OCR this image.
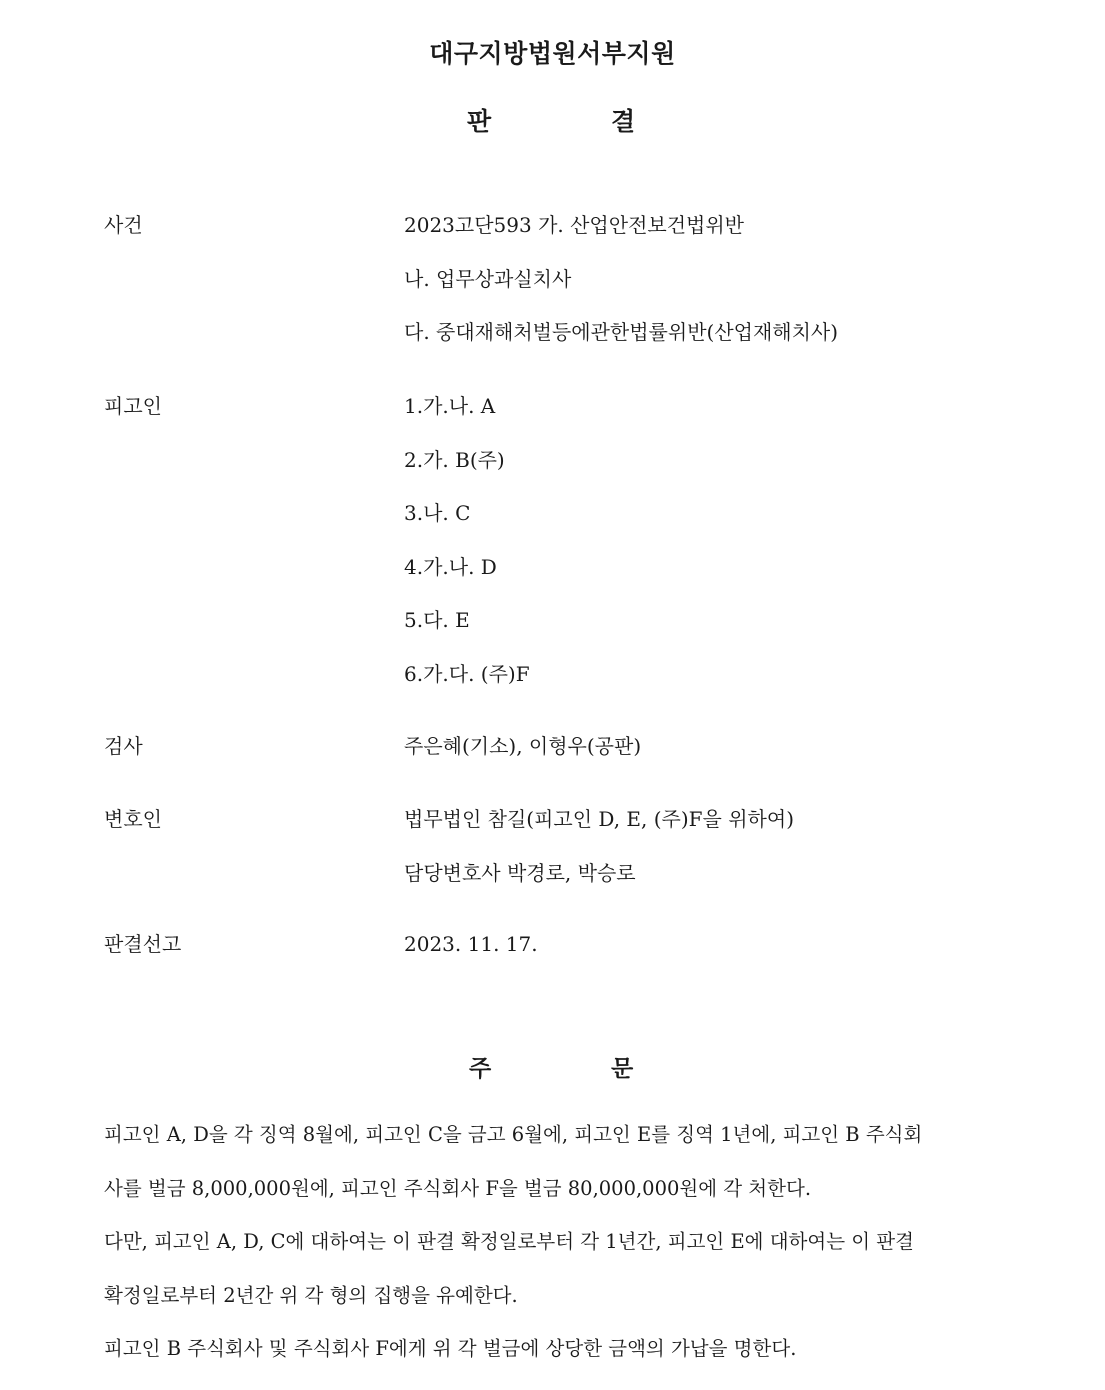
대구지방법원서부지원
판	결
사건	2023고단593 가. 산업안전보건법위반
나. 업무상과실치사
다. 중대재해처벌등에관한법률위반(산업재해치사)
피고인	1.가.나. A
2.가. B(주)
3.나. C
4.가.나. D
5.다. E
6.가.다. (주)F
검사	주은혜(기소), 이형우(공판)
변호인	법무법인 참길(피고인 D, E, (주)F을 위하여)
담당변호사 박경로, 박승로
판결선고	2023. 11. 17.
주	문
피고인 A, D을 각 징역 8월에, 피고인 C을 금고 6월에, 피고인 E를 징역 1년에, 피고인 B 주식회
사를 벌금 8,000,000원에, 피고인 주식회사 F을 벌금 80,000,000원에 각 처한다.
다만, 피고인 A, D, C에 대하여는 이 판결 확정일로부터 각 1년간, 피고인 E에 대하여는 이 판결
확정일로부터 2년간 위 각 형의 집행을 유예한다.
피고인 B 주식회사 및 주식회사 F에게 위 각 벌금에 상당한 금액의 가납을 명한다.
